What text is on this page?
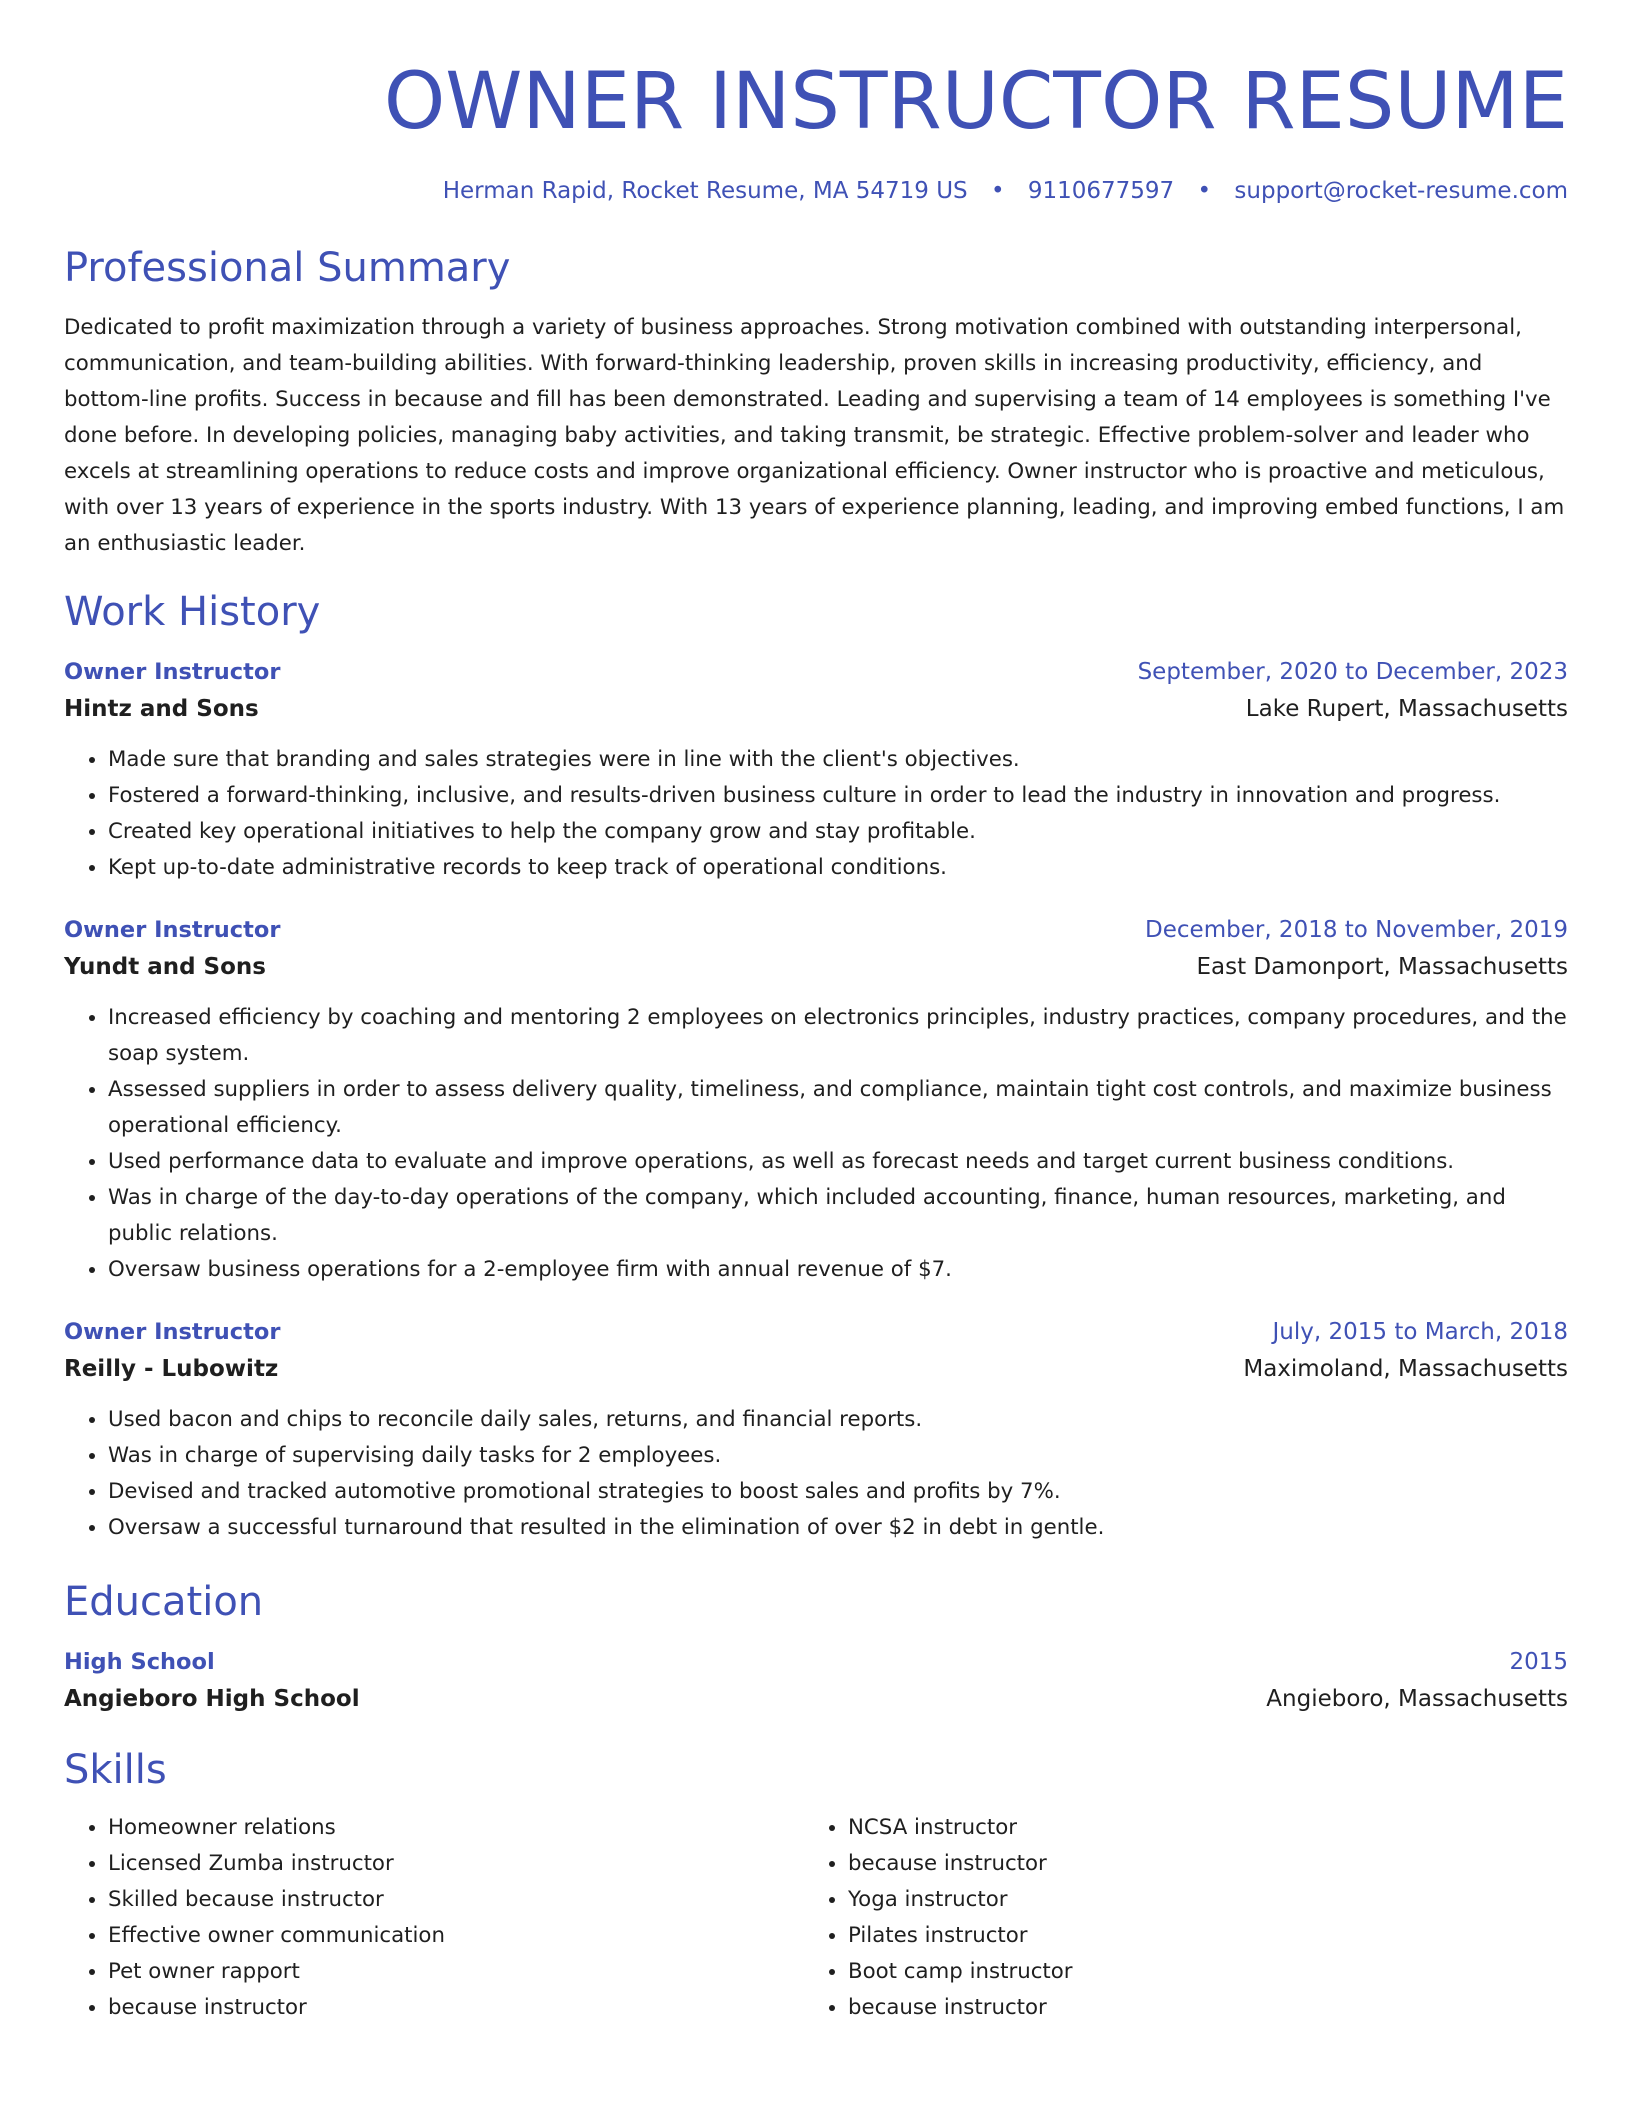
OWNER INSTRUCTOR RESUME
Herman Rapid, Rocket Resume, MA 54719 US • 9110677597 • support@rocket-resume.com
Professional Summary
Dedicated to profit maximization through a variety of business approaches. Strong motivation combined with outstanding interpersonal, communication, and team-building abilities. With forward-thinking leadership, proven skills in increasing productivity, efficiency, and bottom-line profits. Success in because and fill has been demonstrated. Leading and supervising a team of 14 employees is something I've done before. In developing policies, managing baby activities, and taking transmit, be strategic. Effective problem-solver and leader who excels at streamlining operations to reduce costs and improve organizational efficiency. Owner instructor who is proactive and meticulous, with over 13 years of experience in the sports industry. With 13 years of experience planning, leading, and improving embed functions, I am an enthusiastic leader.
Work History
Owner Instructor	September, 2020 to December, 2023
Hintz and Sons	Lake Rupert, Massachusetts
• Made sure that branding and sales strategies were in line with the client's objectives.
• Fostered a forward-thinking, inclusive, and results-driven business culture in order to lead the industry in innovation and progress.
• Created key operational initiatives to help the company grow and stay profitable.
• Kept up-to-date administrative records to keep track of operational conditions.
Owner Instructor	December, 2018 to November, 2019
Yundt and Sons	East Damonport, Massachusetts
• Increased efficiency by coaching and mentoring 2 employees on electronics principles, industry practices, company procedures, and the soap system.
• Assessed suppliers in order to assess delivery quality, timeliness, and compliance, maintain tight cost controls, and maximize business operational efficiency.
• Used performance data to evaluate and improve operations, as well as forecast needs and target current business conditions.
• Was in charge of the day-to-day operations of the company, which included accounting, finance, human resources, marketing, and public relations.
• Oversaw business operations for a 2-employee firm with annual revenue of $7.
Owner Instructor	July, 2015 to March, 2018
Reilly - Lubowitz	Maximoland, Massachusetts
• Used bacon and chips to reconcile daily sales, returns, and financial reports.
• Was in charge of supervising daily tasks for 2 employees.
• Devised and tracked automotive promotional strategies to boost sales and profits by 7%.
• Oversaw a successful turnaround that resulted in the elimination of over $2 in debt in gentle.
Education
High School	2015
Angieboro High School	Angieboro, Massachusetts
Skills
• Homeowner relations
• Licensed Zumba instructor
• Skilled because instructor
• Effective owner communication
• Pet owner rapport
• because instructor
• NCSA instructor
• because instructor
• Yoga instructor
• Pilates instructor
• Boot camp instructor
• because instructor
